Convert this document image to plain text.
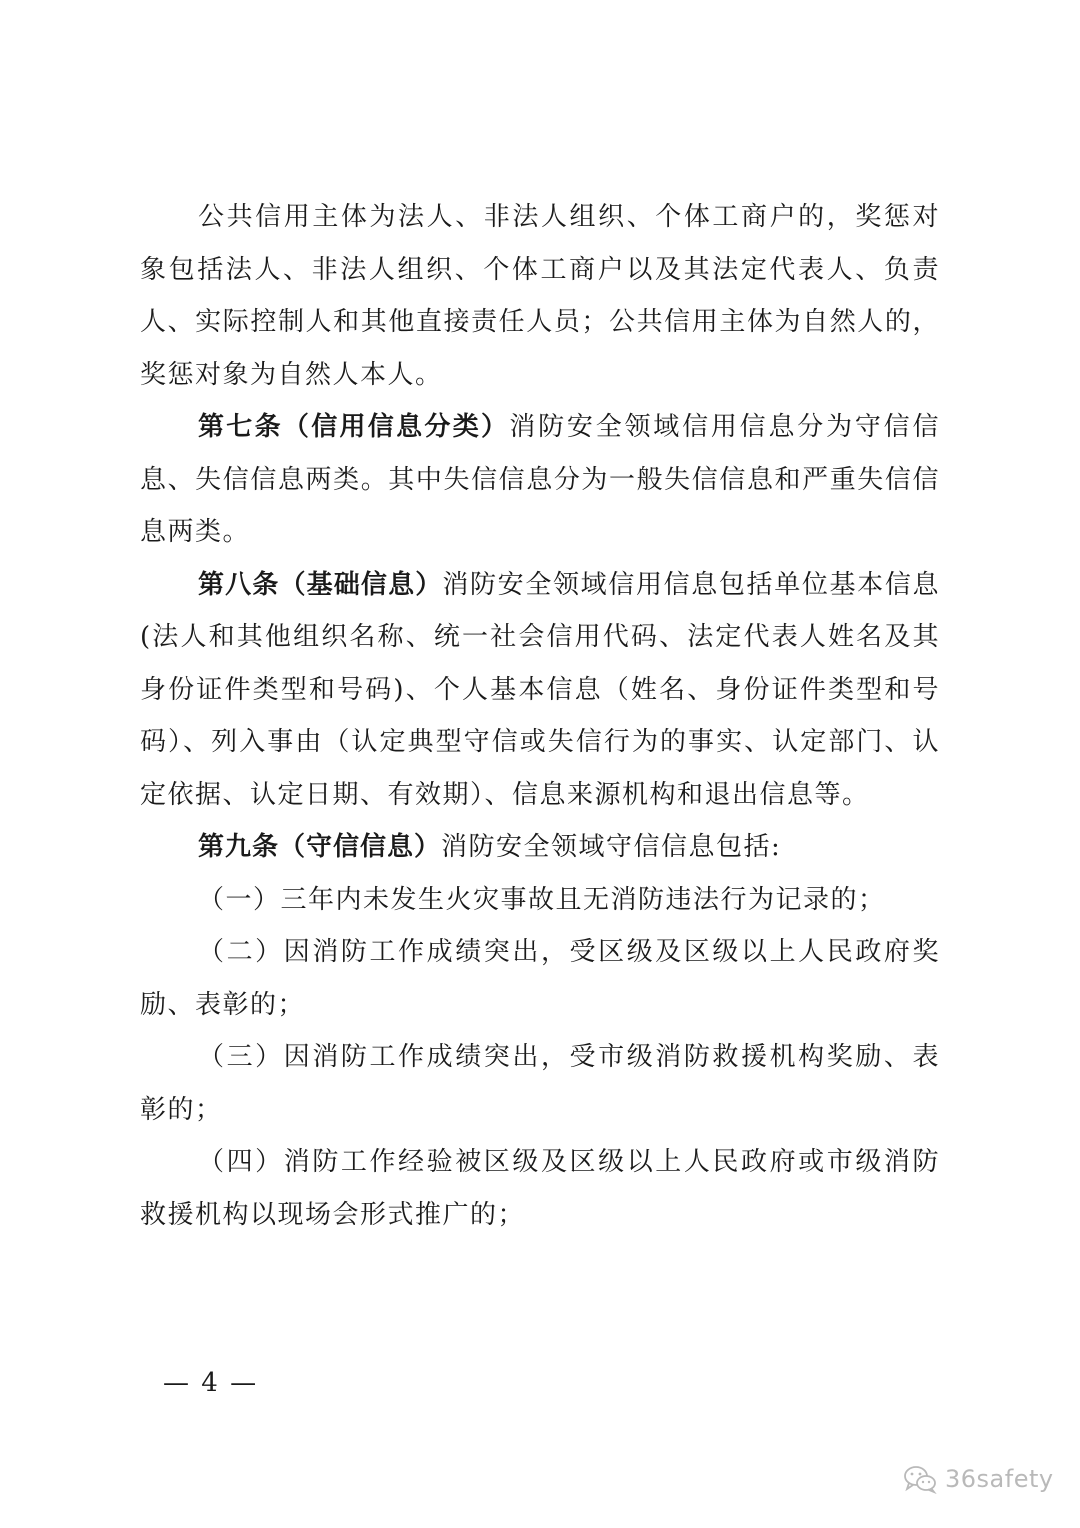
公共信用主体为法人、非法人组织、个体工商户的，奖惩对象包括法人、非法人组织、个体工商户以及其法定代表人、负责人、实际控制人和其他直接责任人员；公共信用主体为自然人的，奖惩对象为自然人本人。

第七条（信用信息分类）消防安全领域信用信息分为守信信息、失信信息两类。其中失信信息分为一般失信信息和严重失信信息两类。

第八条（基础信息）消防安全领域信用信息包括单位基本信息(法人和其他组织名称、统一社会信用代码、法定代表人姓名及其身份证件类型和号码)、个人基本信息（姓名、身份证件类型和号码）、列入事由（认定典型守信或失信行为的事实、认定部门、认定依据、认定日期、有效期）、信息来源机构和退出信息等。

第九条（守信信息）消防安全领域守信信息包括:

（一）三年内未发生火灾事故且无消防违法行为记录的；

（二）因消防工作成绩突出，受区级及区级以上人民政府奖励、表彰的；

（三）因消防工作成绩突出，受市级消防救援机构奖励、表彰的；

（四）消防工作经验被区级及区级以上人民政府或市级消防救援机构以现场会形式推广的；

— 4 —
36safety
